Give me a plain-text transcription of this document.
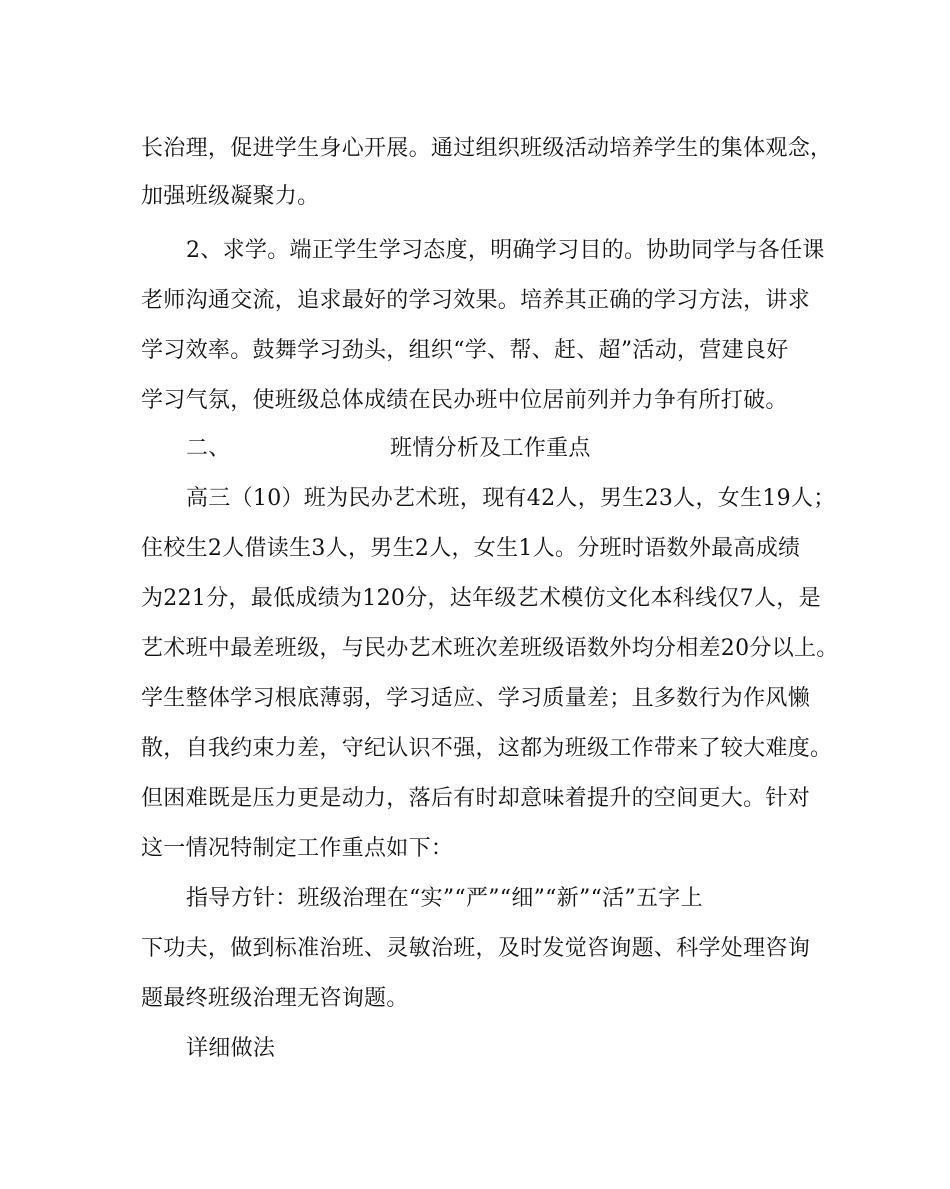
长治理，促进学生身心开展。通过组织班级活动培养学生的集体观念，
加强班级凝聚力。
2、求学。端正学生学习态度，明确学习目的。协助同学与各任课
老师沟通交流，追求最好的学习效果。培养其正确的学习方法，讲求
学习效率。鼓舞学习劲头，组织“学、帮、赶、超”活动，营建良好
学习气氛，使班级总体成绩在民办班中位居前列并力争有所打破。
二、	班情分析及工作重点
高三（10）班为民办艺术班，现有42人，男生23人，女生19人；
住校生2人借读生3人，男生2人，女生1人。分班时语数外最高成绩
为221分，最低成绩为120分，达年级艺术模仿文化本科线仅7人，是
艺术班中最差班级，与民办艺术班次差班级语数外均分相差20分以上。
学生整体学习根底薄弱，学习适应、学习质量差；且多数行为作风懒
散，自我约束力差，守纪认识不强，这都为班级工作带来了较大难度。
但困难既是压力更是动力，落后有时却意味着提升的空间更大。针对
这一情况特制定工作重点如下：
指导方针：班级治理在“实”“严”“细”“新”“活”五字上
下功夫，做到标准治班、灵敏治班，及时发觉咨询题、科学处理咨询
题最终班级治理无咨询题。
详细做法
